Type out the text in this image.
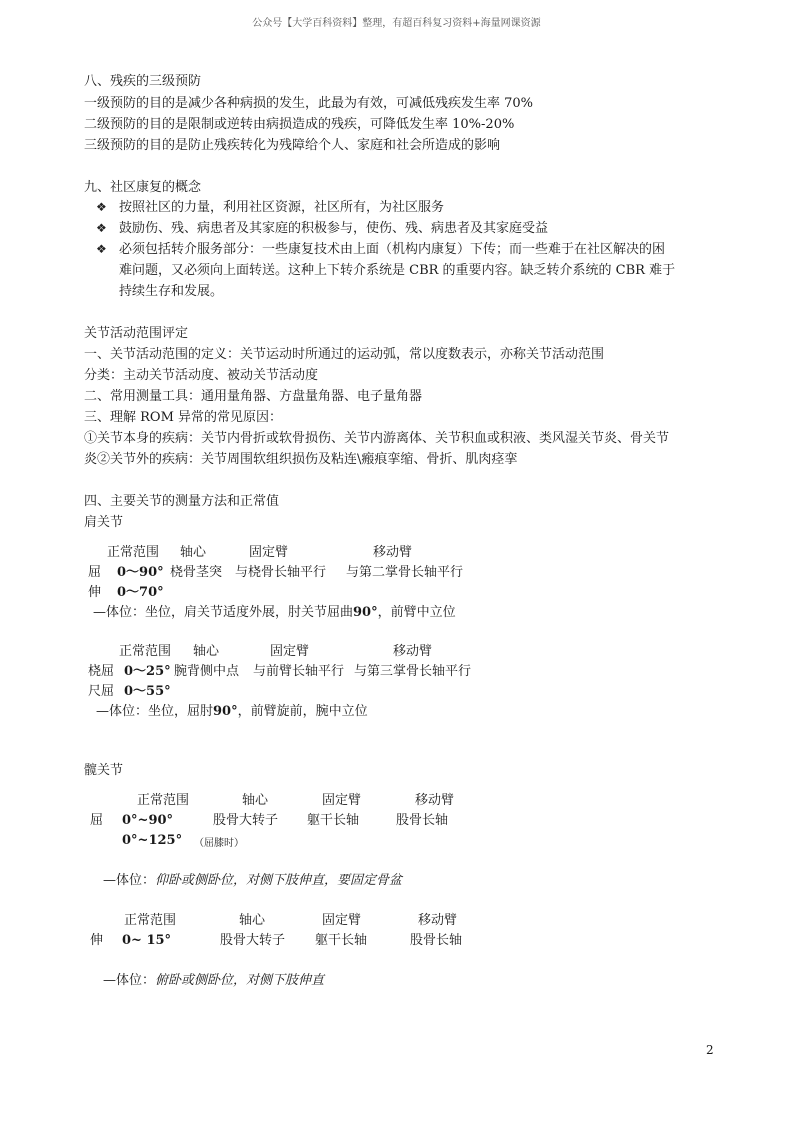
公众号【大学百科资料】整理，有超百科复习资料+海量网课资源
八、残疾的三级预防
一级预防的目的是减少各种病损的发生，此最为有效，可减低残疾发生率 70%
二级预防的目的是限制或逆转由病损造成的残疾，可降低发生率 10%-20%
三级预防的目的是防止残疾转化为残障给个人、家庭和社会所造成的影响
九、社区康复的概念
❖ 按照社区的力量，利用社区资源，社区所有，为社区服务
❖ 鼓励伤、残、病患者及其家庭的积极参与，使伤、残、病患者及其家庭受益
❖ 必须包括转介服务部分：一些康复技术由上面（机构内康复）下传；而一些难于在社区解决的困
难问题，又必须向上面转送。这种上下转介系统是 CBR 的重要内容。缺乏转介系统的 CBR 难于
持续生存和发展。
关节活动范围评定
一、关节活动范围的定义：关节运动时所通过的运动弧，常以度数表示，亦称关节活动范围
分类：主动关节活动度、被动关节活动度
二、常用测量工具：通用量角器、方盘量角器、电子量角器
三、理解 ROM 异常的常见原因：
①关节本身的疾病：关节内骨折或软骨损伤、关节内游离体、关节积血或积液、类风湿关节炎、骨关节
炎②关节外的疾病：关节周围软组织损伤及粘连\瘢痕挛缩、骨折、肌肉痉挛
四、主要关节的测量方法和正常值
肩关节
正常范围 轴心	固定臂	移动臂
屈 0～90° 桡骨茎突 与桡骨长轴平行 与第二掌骨长轴平行
伸 0～70°
—体位：坐位，肩关节适度外展，肘关节屈曲90°，前臂中立位
正常范围 轴心	固定臂	移动臂
桡屈 0～25° 腕背侧中点 与前臂长轴平行 与第三掌骨长轴平行
尺屈 0～55°
—体位：坐位，屈肘90°，前臂旋前，腕中立位
髋关节
正常范围	轴心	固定臂	移动臂
屈 0°~90°	股骨大转子 躯干长轴	股骨长轴
0°~125° （屈膝时）
—体位：仰卧或侧卧位，对侧下肢伸直，要固定骨盆
正常范围	轴心	固定臂	移动臂
伸 0~ 15°	股骨大转子 躯干长轴	股骨长轴
—体位：俯卧或侧卧位，对侧下肢伸直
2
